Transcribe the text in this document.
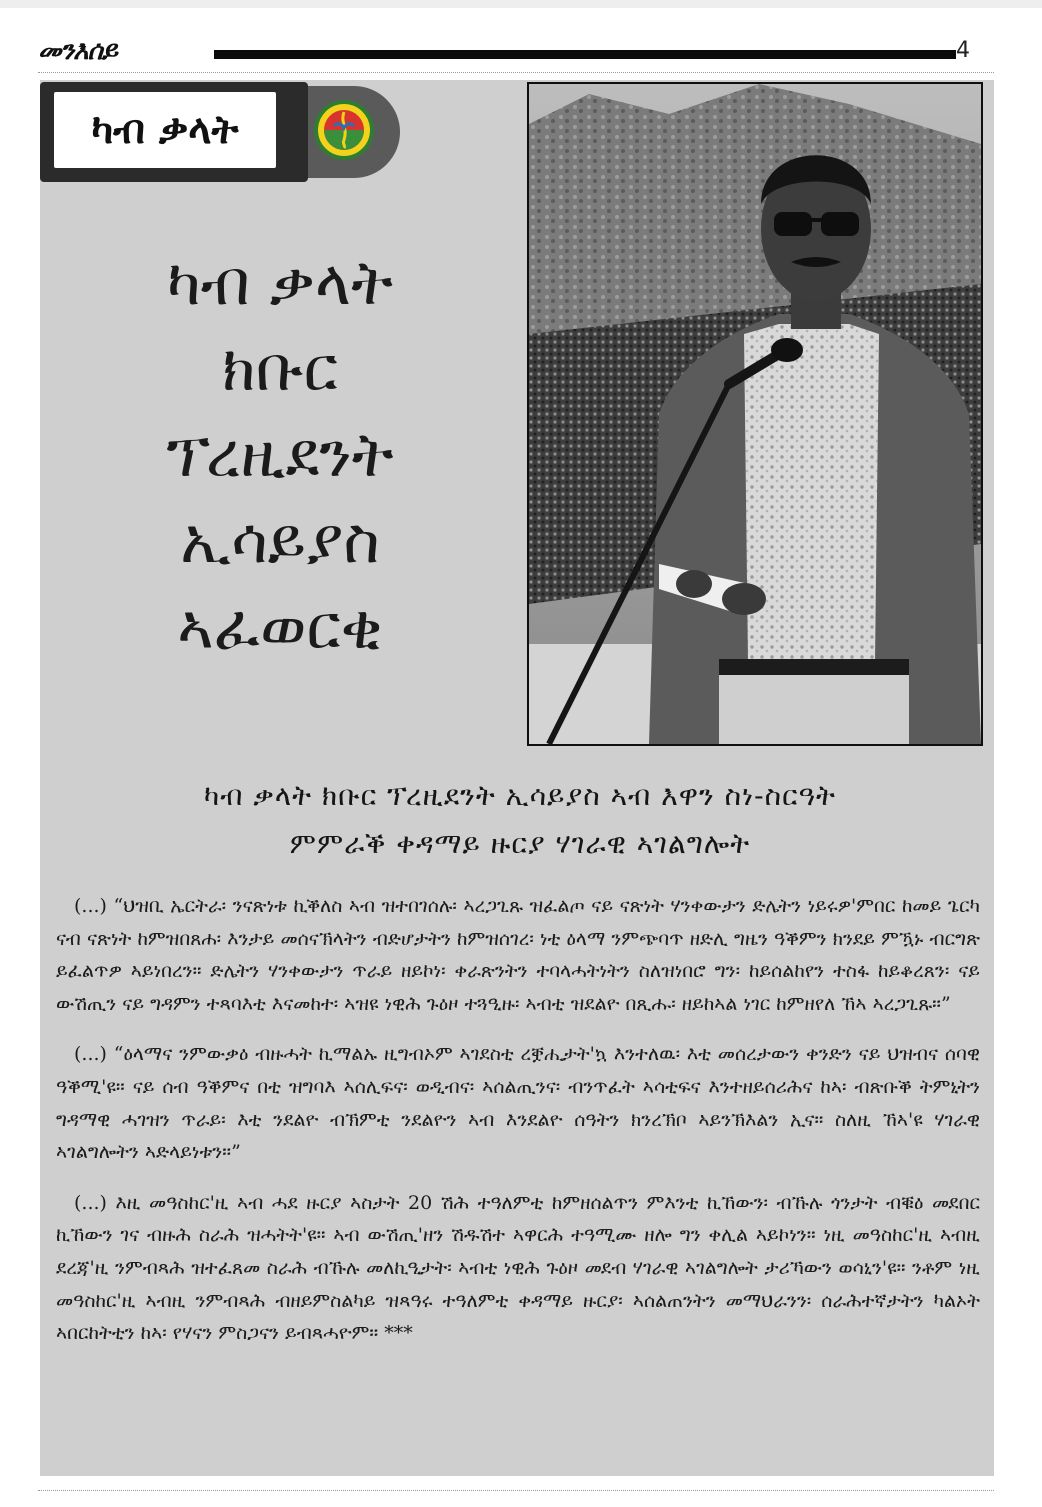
መንእሰይ	4
ካብ ቃላት
ካብ ቃላት
ክቡር
ፕረዚደንት
ኢሳይያስ
ኣፈወርቂ
ካብ ቃላት ክቡር ፕረዚደንት ኢሳይያስ ኣብ እዋን ስነ-ስርዓት
ምምራቕ ቀዳማይ ዙርያ ሃገራዊ ኣገልግሎት

(...) “ህዝቢ ኤርትራ፡ ንናጽነቱ ኪቕለስ ኣብ ዝተበገሰሉ፡ ኣረጋጊጹ ዝፈልጦ ናይ ናጽነት ሃንቀውታን ድሌትን ነይሩዎ'ምበር ከመይ ጌርካ ናብ ናጽነት ከምዝበጸሐ፡ እንታይ መሰናኽላትን ብድሆታትን ከምዝሰገረ፡ ነቲ ዕላማ ንምጭባጥ ዘድሊ ግዜን ዓቕምን ክንደይ ምዃኑ ብርግጽ ይፈልጥዎ ኣይነበረን። ድሌትን ሃንቀውታን ጥራይ ዘይኮነ፡ ቀራጽንትን ተባላሓትነትን ስለዝነበሮ ግን፡ ከይሰልከየን ተስፋ ከይቆረጸን፡ ናይ ውሽጢን ናይ ግዳምን ተጻባእቲ እናመከተ፡ ኣዝዩ ነዊሕ ጉዕዞ ተጓዒዙ፡ ኣብቲ ዝደልዮ በጺሑ፡ ዘይከኣል ነገር ከምዘየለ ኸኣ ኣረጋጊጹ።”

(...) “ዕላማና ንምውቃዕ ብዙሓት ኪማልኡ ዚግብኦም ኣገደስቲ ረቛሒታት'ኳ እንተለዉ፡ እቲ መሰረታውን ቀንድን ናይ ህዝብና ሰባዊ ዓቕሚ'ዩ። ናይ ሰብ ዓቕምና በቲ ዝግባእ ኣሰሊፍና፡ ወዲብና፡ ኣሰልጢንና፡ ብንጥፈት ኣሳቲፍና እንተዘይሰሪሕና ከኣ፡ ብጽቡቕ ትምኒትን ግዳማዊ ሓገዝን ጥራይ፡ እቲ ንደልዮ ብኽምቲ ንደልዮን ኣብ እንደልዮ ሰዓትን ክንረኽቦ ኣይንኽእልን ኢና። ስለዚ ኸኣ'ዩ ሃገራዊ ኣገልግሎትን ኣድላይነቱን።”

(...) እዚ መዓስከር'ዚ ኣብ ሓደ ዙርያ ኣስታት 20 ሽሕ ተዓለምቲ ከምዘሰልጥን ምእንቲ ኪኸውን፡ ብኹሉ ጎንታት ብቑዕ መደበር ኪኸውን ገና ብዙሕ ስራሕ ዝሓትት'ዩ። ኣብ ውሽጢ'ዘን ሽዱሽተ ኣዋርሕ ተዓሚሙ ዘሎ ግን ቀሊል ኣይኮነን። ነዚ መዓስከር'ዚ ኣብዚ ደረጃ'ዚ ንምብጻሕ ዝተፈጸመ ስራሕ ብኹሉ መለኪዒታት፡ ኣብቲ ነዊሕ ጉዕዞ መደብ ሃገራዊ ኣገልግሎት ታሪኻውን ወሳኒን'ዩ። ንቶም ነዚ መዓስከር'ዚ ኣብዚ ንምብጻሕ ብዘይምስልካይ ዝጻዓሩ ተዓለምቲ ቀዳማይ ዙርያ፡ ኣሰልጠንትን መማህራንን፡ ሰራሕተኛታትን ካልኦት ኣበርከትቲን ከኣ፡ የሃናን ምስጋናን ይብጻሓዮም። ***
